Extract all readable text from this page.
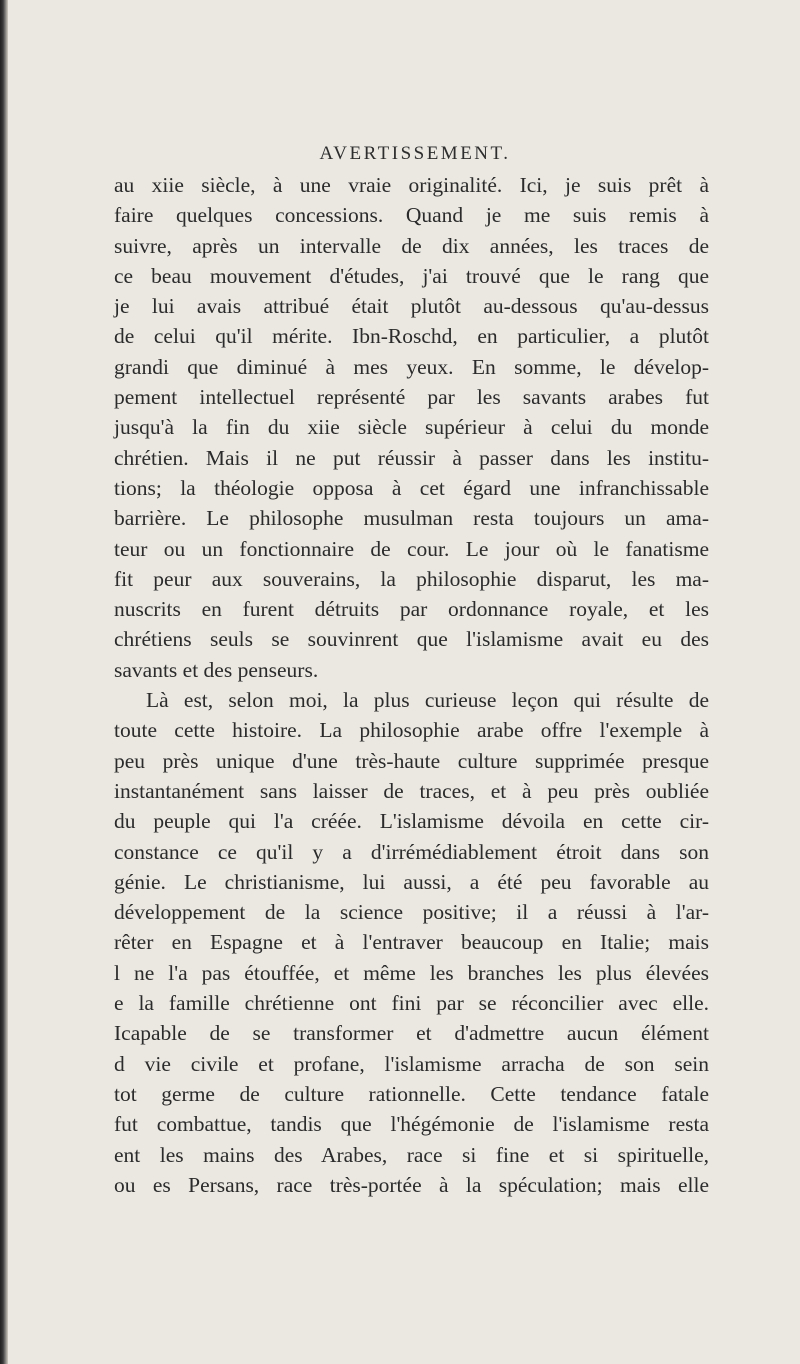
AVERTISSEMENT.
au xiie siècle, à une vraie originalité. Ici, je suis prêt à
faire quelques concessions. Quand je me suis remis à
suivre, après un intervalle de dix années, les traces de
ce beau mouvement d'études, j'ai trouvé que le rang que
je lui avais attribué était plutôt au-dessous qu'au-dessus
de celui qu'il mérite. Ibn-Roschd, en particulier, a plutôt
grandi que diminué à mes yeux. En somme, le dévelop-
pement intellectuel représenté par les savants arabes fut
jusqu'à la fin du xiie siècle supérieur à celui du monde
chrétien. Mais il ne put réussir à passer dans les institu-
tions; la théologie opposa à cet égard une infranchissable
barrière. Le philosophe musulman resta toujours un ama-
teur ou un fonctionnaire de cour. Le jour où le fanatisme
fit peur aux souverains, la philosophie disparut, les ma-
nuscrits en furent détruits par ordonnance royale, et les
chrétiens seuls se souvinrent que l'islamisme avait eu des
savants et des penseurs.
Là est, selon moi, la plus curieuse leçon qui résulte de
toute cette histoire. La philosophie arabe offre l'exemple à
peu près unique d'une très-haute culture supprimée presque
instantanément sans laisser de traces, et à peu près oubliée
du peuple qui l'a créée. L'islamisme dévoila en cette cir-
constance ce qu'il y a d'irrémédiablement étroit dans son
génie. Le christianisme, lui aussi, a été peu favorable au
développement de la science positive; il a réussi à l'ar-
rêter en Espagne et à l'entraver beaucoup en Italie; mais
l ne l'a pas étouffée, et même les branches les plus élevées
e la famille chrétienne ont fini par se réconcilier avec elle.
Icapable de se transformer et d'admettre aucun élément
d vie civile et profane, l'islamisme arracha de son sein
tot germe de culture rationnelle. Cette tendance fatale
fut combattue, tandis que l'hégémonie de l'islamisme resta
ent les mains des Arabes, race si fine et si spirituelle,
ou es Persans, race très-portée à la spéculation; mais elle
